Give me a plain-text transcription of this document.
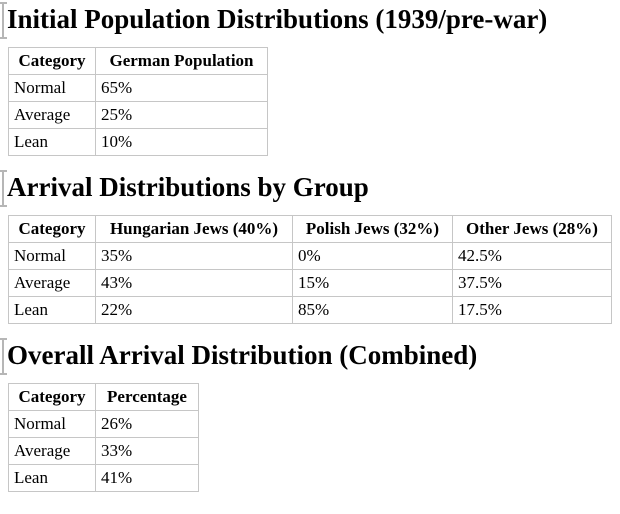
Initial Population Distributions (1939/pre-war)
Category	German Population
Normal	65%
Average	25%
Lean	10%
Arrival Distributions by Group
Category	Hungarian Jews (40%)	Polish Jews (32%)	Other Jews (28%)
Normal	35%	0%	42.5%
Average	43%	15%	37.5%
Lean	22%	85%	17.5%
Overall Arrival Distribution (Combined)
Category	Percentage
Normal	26%
Average	33%
Lean	41%
